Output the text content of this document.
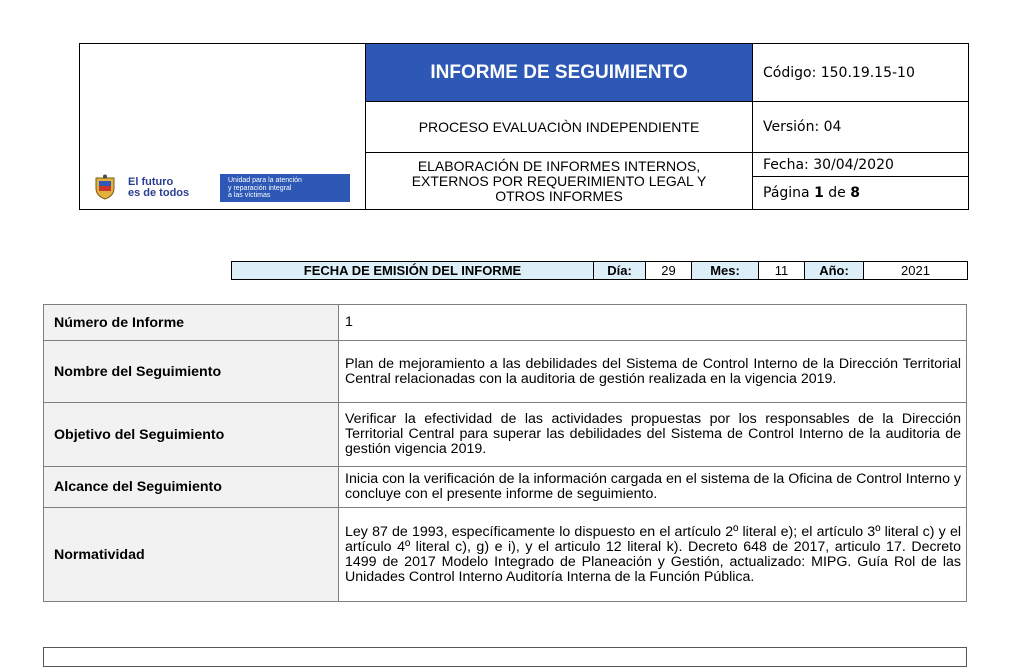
El futuro
es de todos
Unidad para la atención
y reparación integral
a las víctimas
INFORME DE SEGUIMIENTO
PROCESO EVALUACIÒN INDEPENDIENTE
ELABORACIÓN DE INFORMES INTERNOS, EXTERNOS POR REQUERIMIENTO LEGAL Y OTROS INFORMES
Código: 150.19.15-10
Versión: 04
Fecha: 30/04/2020
Página 1 de 8
FECHA DE EMISIÓN DEL INFORME	Día:	29	Mes:	11	Año:	2021
Número de Informe	1
Nombre del Seguimiento	Plan de mejoramiento a las debilidades del Sistema de Control Interno de la Dirección Territorial Central relacionadas con la auditoria de gestión realizada en la vigencia 2019.
Objetivo del Seguimiento	Verificar la efectividad de las actividades propuestas por los responsables de la Dirección Territorial Central para superar las debilidades del Sistema de Control Interno de la auditoria de gestión vigencia 2019.
Alcance del Seguimiento	Inicia con la verificación de la información cargada en el sistema de la Oficina de Control Interno y concluye con el presente informe de seguimiento.
Normatividad	Ley 87 de 1993, específicamente lo dispuesto en el artículo 2º literal e); el artículo 3º literal c) y el artículo 4º literal c), g) e i), y el articulo 12 literal k). Decreto 648 de 2017, articulo 17. Decreto 1499 de 2017 Modelo Integrado de Planeación y Gestión, actualizado: MIPG. Guía Rol de las Unidades Control Interno Auditoría Interna de la Función Pública.
